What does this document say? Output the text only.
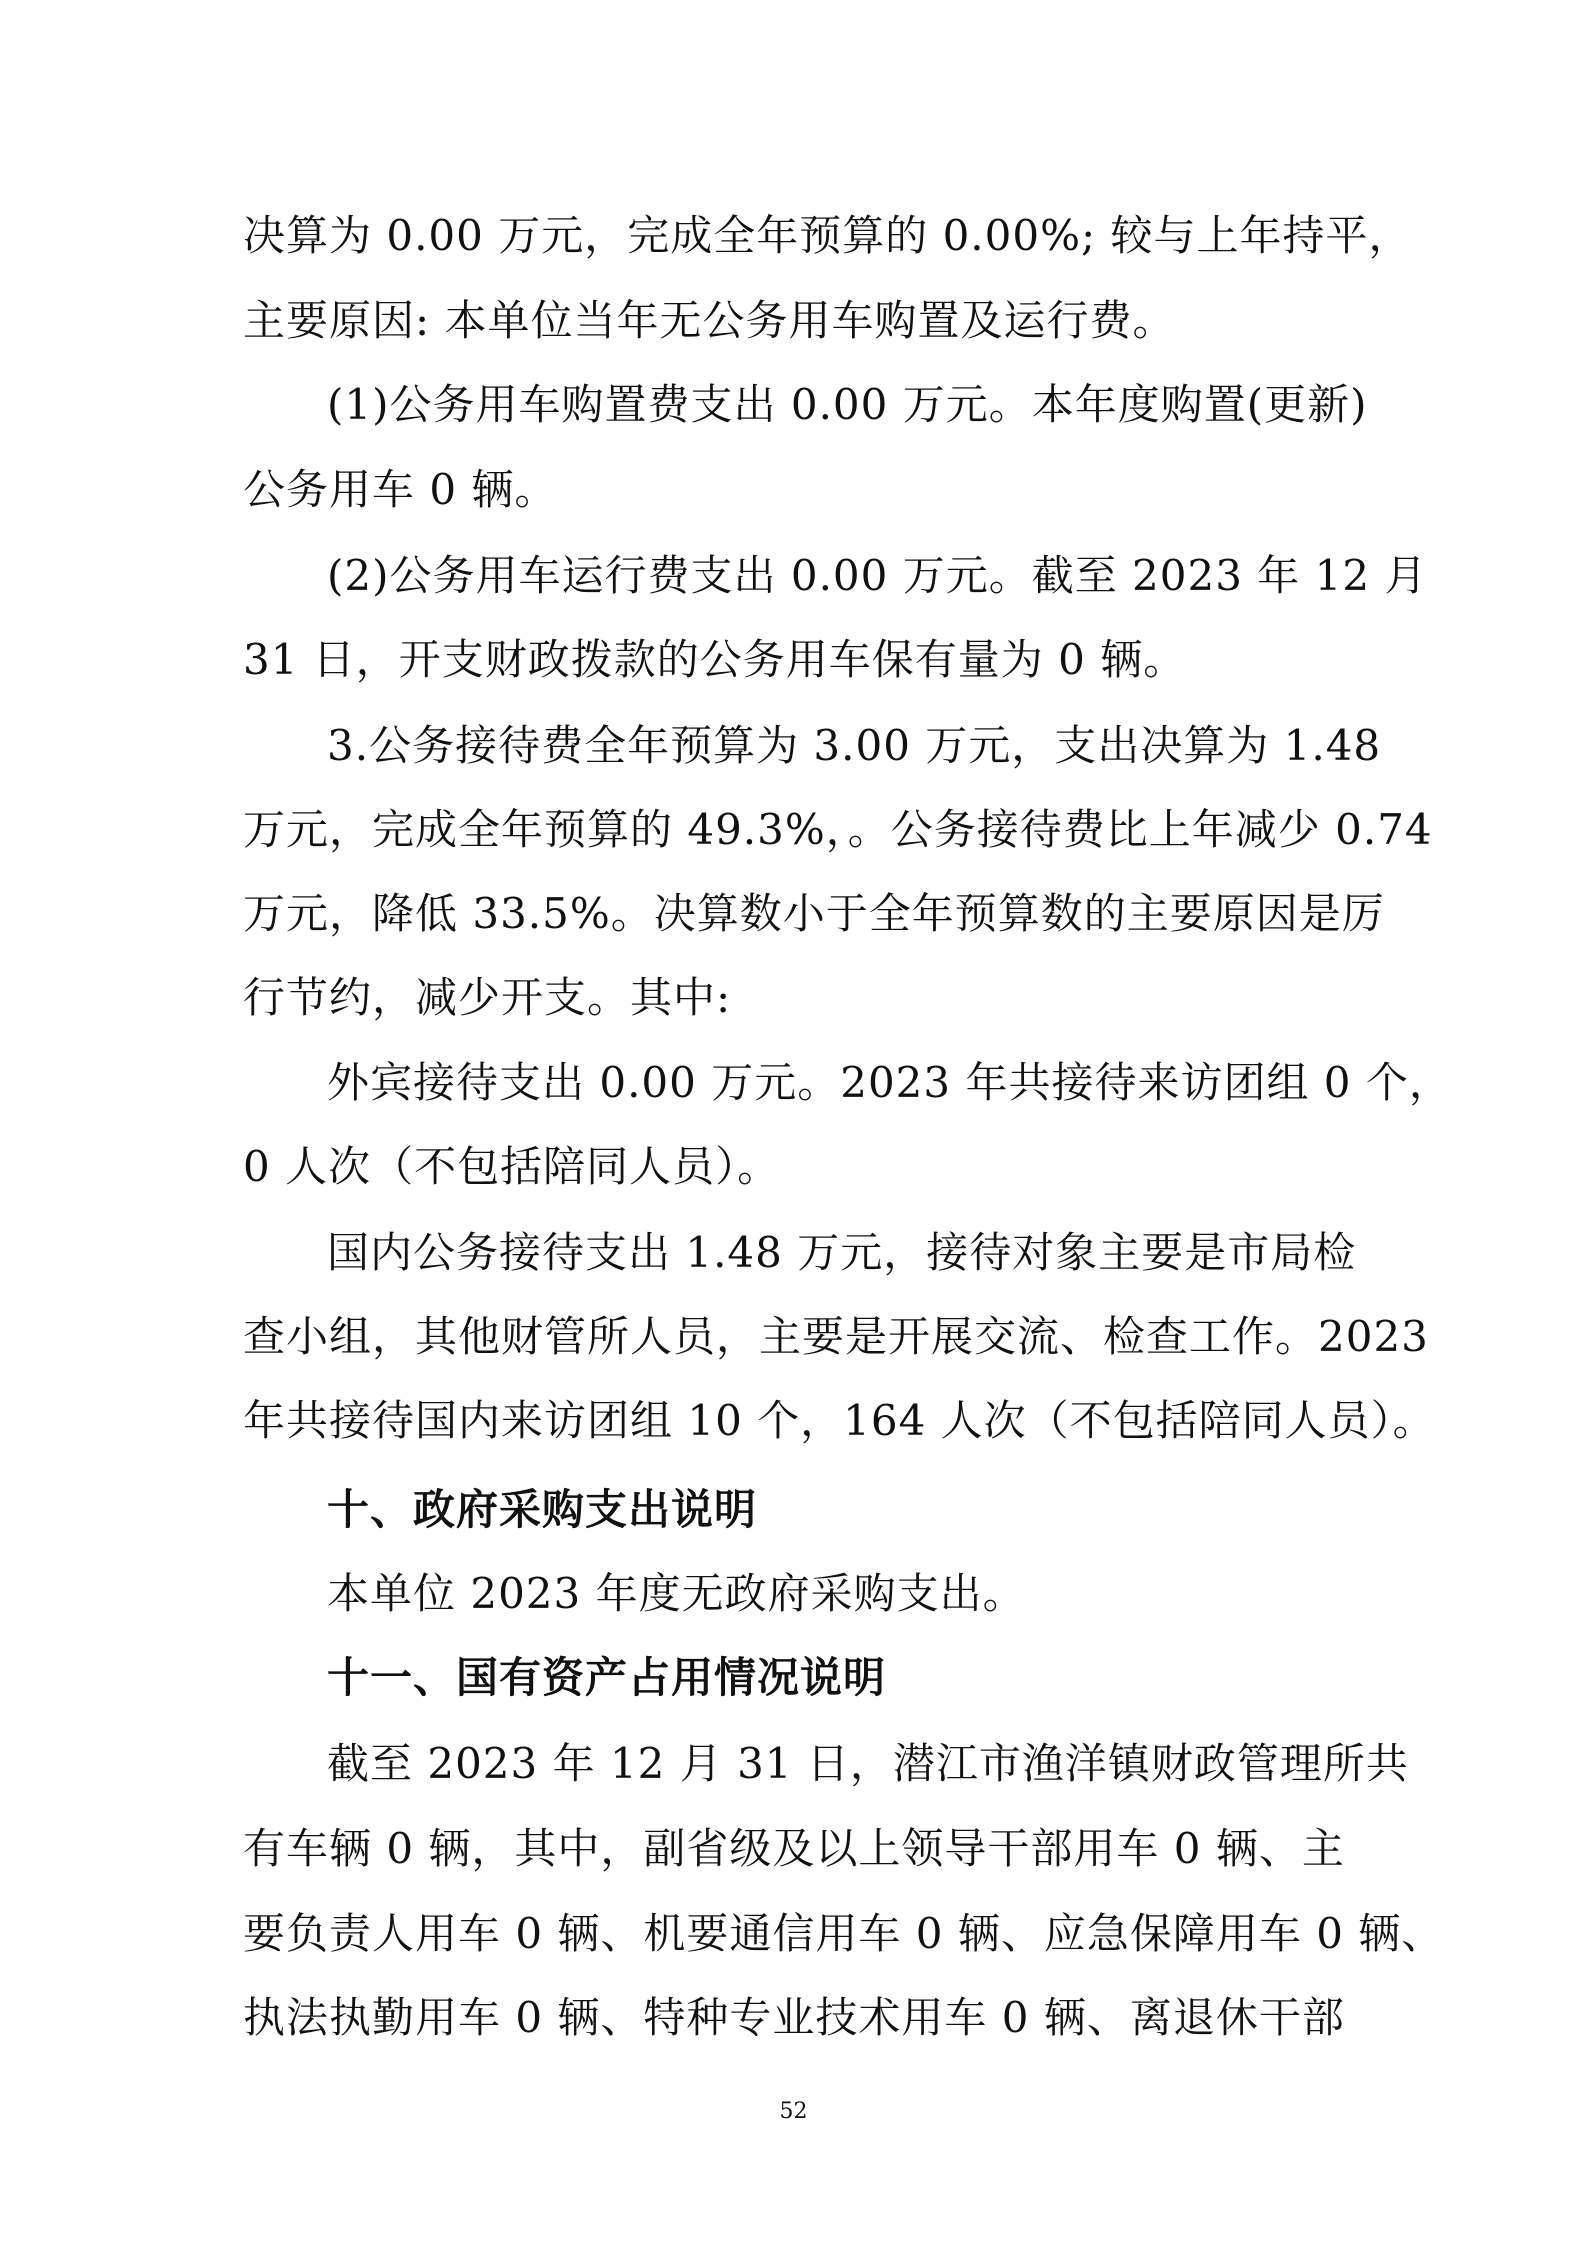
决算为 0.00 万元，完成全年预算的 0.00%; 较与上年持平，
主要原因: 本单位当年无公务用车购置及运行费。
(1)公务用车购置费支出 0.00 万元。本年度购置(更新)
公务用车 0 辆。
(2)公务用车运行费支出 0.00 万元。截至 2023 年 12 月
31 日，开支财政拨款的公务用车保有量为 0 辆。
3.公务接待费全年预算为 3.00 万元，支出决算为 1.48
万元，完成全年预算的 49.3%，。公务接待费比上年减少 0.74
万元，降低 33.5%。决算数小于全年预算数的主要原因是厉
行节约，减少开支。其中:
外宾接待支出 0.00 万元。2023 年共接待来访团组 0 个，
0 人次（不包括陪同人员）。
国内公务接待支出 1.48 万元，接待对象主要是市局检
查小组，其他财管所人员，主要是开展交流、检查工作。2023
年共接待国内来访团组 10 个，164 人次（不包括陪同人员）。
十、政府采购支出说明
本单位 2023 年度无政府采购支出。
十一、国有资产占用情况说明
截至 2023 年 12 月 31 日，潜江市渔洋镇财政管理所共
有车辆 0 辆，其中，副省级及以上领导干部用车 0 辆、主
要负责人用车 0 辆、机要通信用车 0 辆、应急保障用车 0 辆、
执法执勤用车 0 辆、特种专业技术用车 0 辆、离退休干部
52
